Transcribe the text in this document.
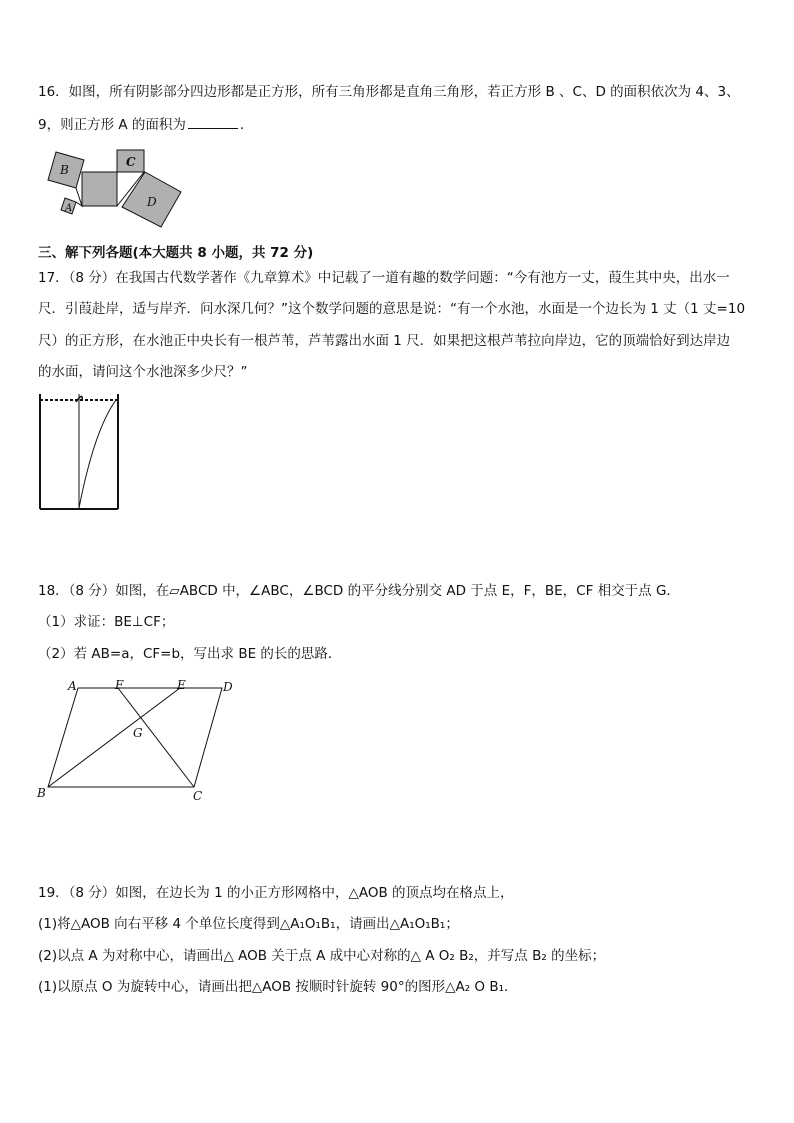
16．如图，所有阴影部分四边形都是正方形，所有三角形都是直角三角形，若正方形 B 、C、D 的面积依次为 4、3、
9，则正方形 A 的面积为	．
B
A
C
D
三、解下列各题(本大题共 8 小题，共 72 分)
17．（8 分）在我国古代数学著作《九章算术》中记载了一道有趣的数学问题：“今有池方一丈，葭生其中央，出水一
尺．引葭赴岸，适与岸齐．问水深几何？”这个数学问题的意思是说：“有一个水池，水面是一个边长为 1 丈（1 丈=10
尺）的正方形，在水池正中央长有一根芦苇，芦苇露出水面 1 尺．如果把这根芦苇拉向岸边，它的顶端恰好到达岸边
的水面，请问这个水池深多少尺？”
18．（8 分）如图，在▱ABCD 中，∠ABC，∠BCD 的平分线分别交 AD 于点 E，F，BE，CF 相交于点 G．
（1）求证：BE⊥CF；
（2）若 AB=a，CF=b，写出求 BE 的长的思路．
A	F	E	D
G
B	C
19．（8 分）如图，在边长为 1 的小正方形网格中，△AOB 的顶点均在格点上，
(1)将△AOB 向右平移 4 个单位长度得到△A₁O₁B₁，请画出△A₁O₁B₁；
(2)以点 A 为对称中心，请画出△ AOB 关于点 A 成中心对称的△ A O₂ B₂，并写点 B₂ 的坐标；
(1)以原点 O 为旋转中心，请画出把△AOB 按顺时针旋转 90°的图形△A₂ O B₁．
